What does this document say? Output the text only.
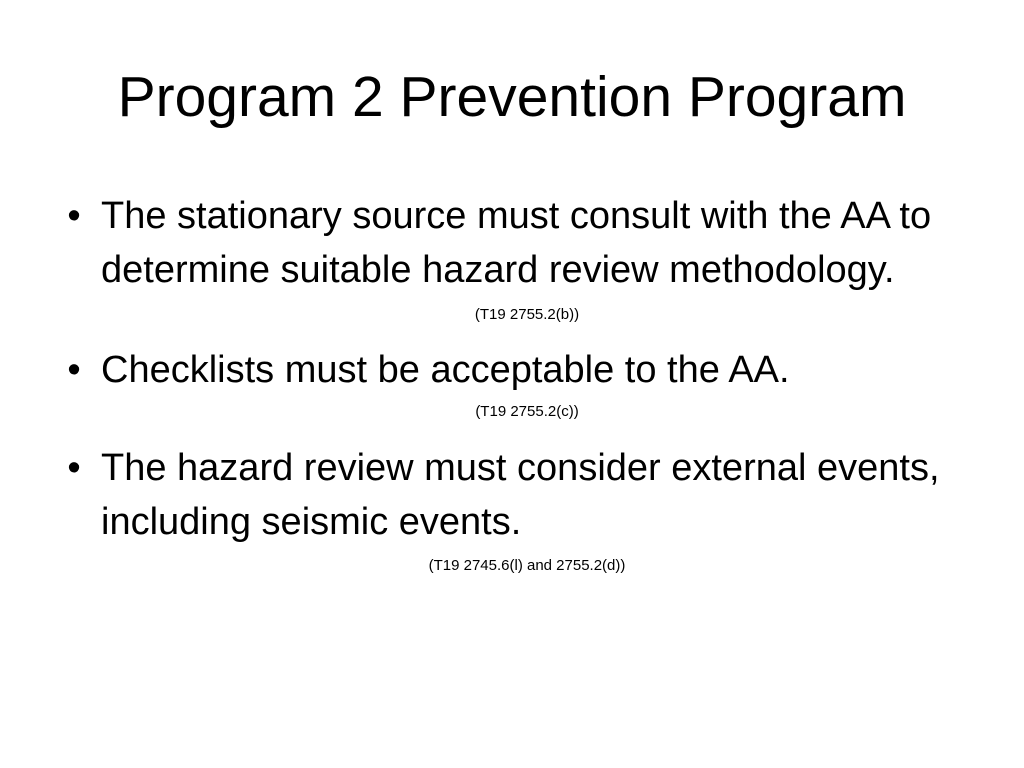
Program 2 Prevention Program
• The stationary source must consult with the AA to determine suitable hazard review methodology.
(T19 2755.2(b))
• Checklists must be acceptable to the AA.
(T19 2755.2(c))
• The hazard review must consider external events, including seismic events.
(T19 2745.6(l) and 2755.2(d))
